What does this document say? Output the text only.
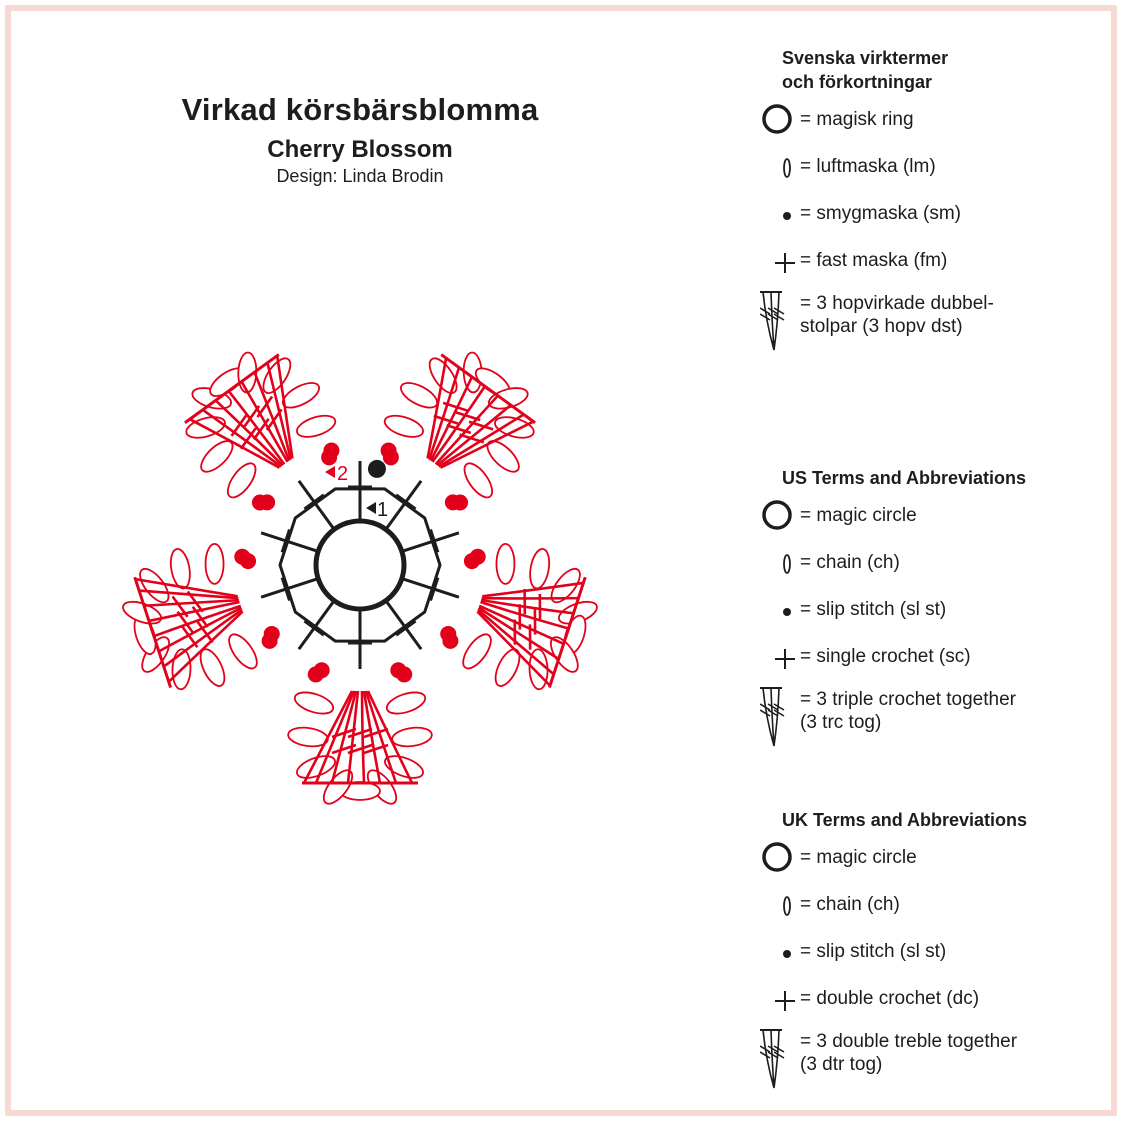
Virkad körsbärsblomma

Cherry Blossom

Design: Linda Brodin

2
1
Svenska virktermer
och förkortningar
= magisk ring
= luftmaska (lm)
= smygmaska (sm)
= fast maska (fm)
= 3 hopvirkade dubbel-
stolpar (3 hopv dst)
US Terms and Abbreviations
= magic circle
= chain (ch)
= slip stitch (sl st)
= single crochet (sc)
= 3 triple crochet together
(3 trc tog)
UK Terms and Abbreviations
= magic circle
= chain (ch)
= slip stitch (sl st)
= double crochet (dc)
= 3 double treble together
(3 dtr tog)
